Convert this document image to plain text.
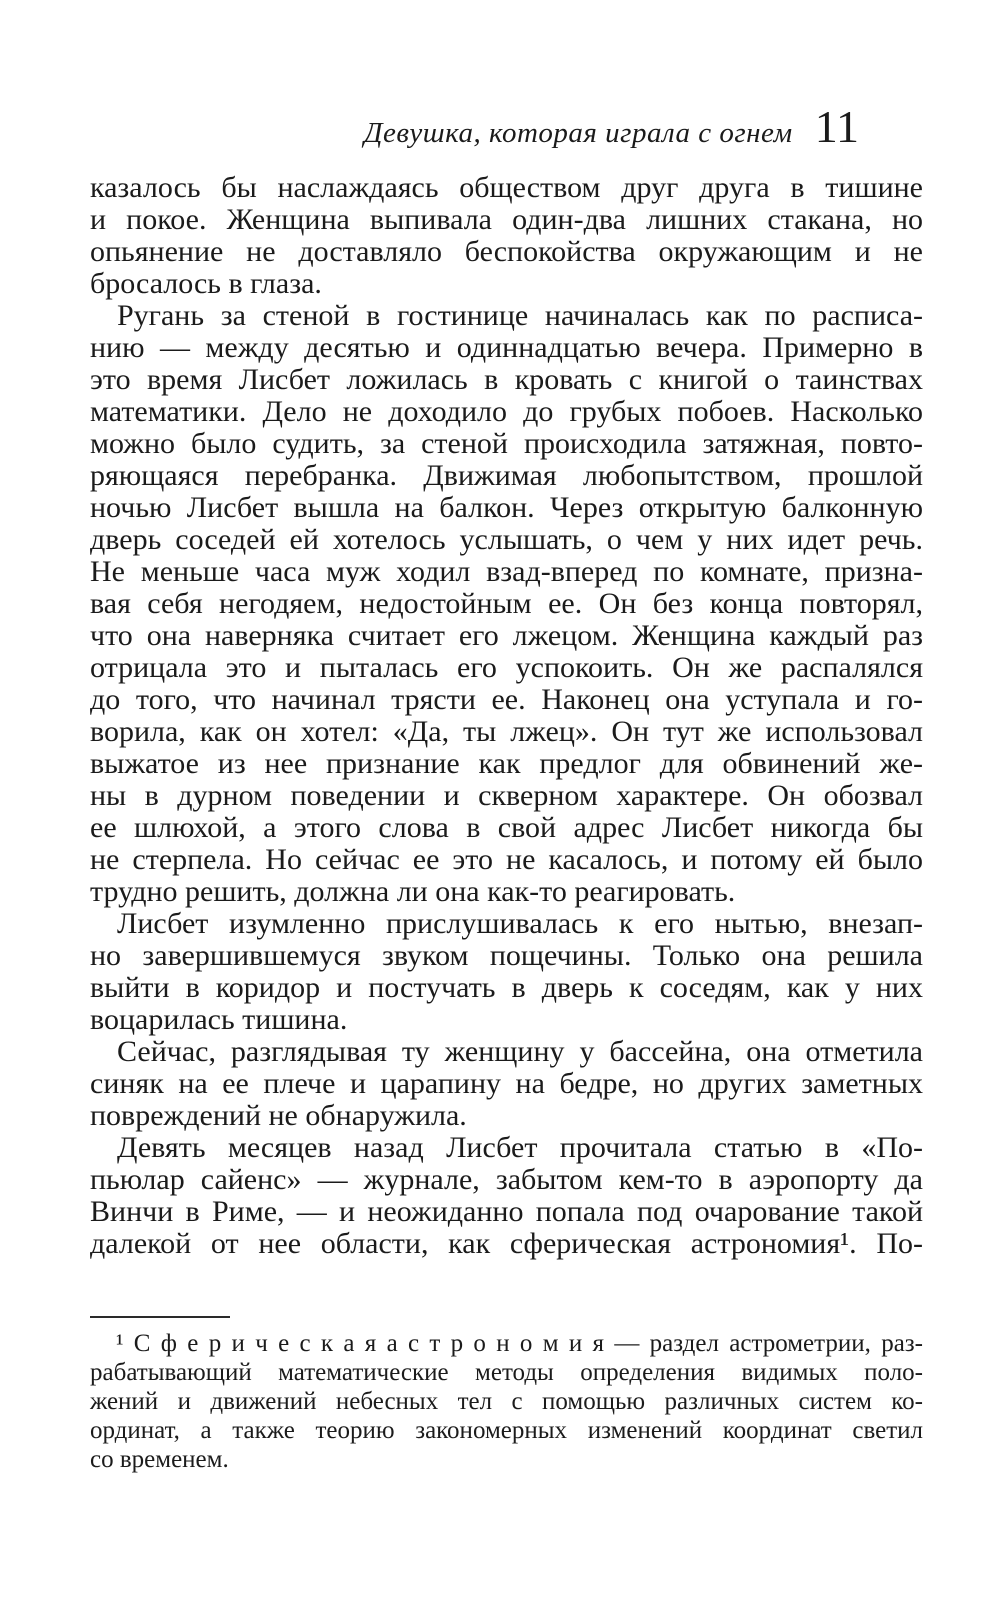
Девушка, которая играла с огнем 11
казалось бы наслаждаясь обществом друг друга в тишине
и покое. Женщина выпивала один-два лишних стакана, но
опьянение не доставляло беспокойства окружающим и не
бросалось в глаза.
Ругань за стеной в гостинице начиналась как по расписа-
нию — между десятью и одиннадцатью вечера. Примерно в
это время Лисбет ложилась в кровать с книгой о таинствах
математики. Дело не доходило до грубых побоев. Насколько
можно было судить, за стеной происходила затяжная, повто-
ряющаяся перебранка. Движимая любопытством, прошлой
ночью Лисбет вышла на балкон. Через открытую балконную
дверь соседей ей хотелось услышать, о чем у них идет речь.
Не меньше часа муж ходил взад-вперед по комнате, призна-
вая себя негодяем, недостойным ее. Он без конца повторял,
что она наверняка считает его лжецом. Женщина каждый раз
отрицала это и пыталась его успокоить. Он же распалялся
до того, что начинал трясти ее. Наконец она уступала и го-
ворила, как он хотел: «Да, ты лжец». Он тут же использовал
выжатое из нее признание как предлог для обвинений же-
ны в дурном поведении и скверном характере. Он обозвал
ее шлюхой, а этого слова в свой адрес Лисбет никогда бы
не стерпела. Но сейчас ее это не касалось, и потому ей было
трудно решить, должна ли она как-то реагировать.
Лисбет изумленно прислушивалась к его нытью, внезап-
но завершившемуся звуком пощечины. Только она решила
выйти в коридор и постучать в дверь к соседям, как у них
воцарилась тишина.
Сейчас, разглядывая ту женщину у бассейна, она отметила
синяк на ее плече и царапину на бедре, но других заметных
повреждений не обнаружила.
Девять месяцев назад Лисбет прочитала статью в «По-
пьюлар сайенс» — журнале, забытом кем-то в аэропорту да
Винчи в Риме, — и неожиданно попала под очарование такой
далекой от нее области, как сферическая астрономия¹. По-
¹ С ф е р и ч е с к а я а с т р о н о м и я — раздел астрометрии, раз-
рабатывающий математические методы определения видимых поло-
жений и движений небесных тел с помощью различных систем ко-
ординат, а также теорию закономерных изменений координат светил
со временем.
